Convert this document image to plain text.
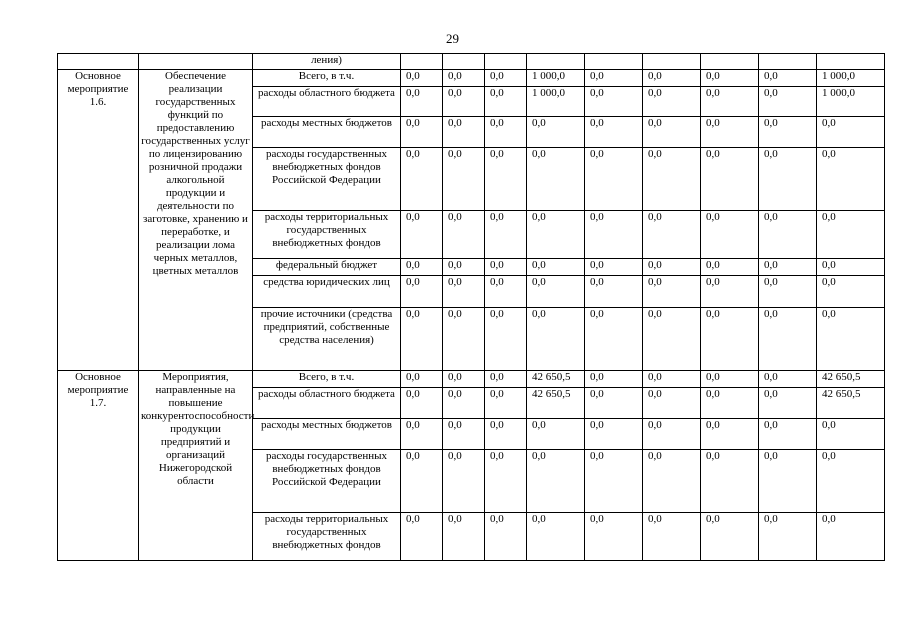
29
		ления)									
Основное мероприятие 1.6.	Обеспечение реализации государственных функций по предоставлению государственных услуг по лицензированию розничной продажи алкогольной продукции и деятельности по заготовке, хранению и переработке, и реализации лома черных металлов, цветных металлов	Всего, в т.ч.	0,0	0,0	0,0	1 000,0	0,0	0,0	0,0	0,0	1 000,0
		расходы областного бюджета	0,0	0,0	0,0	1 000,0	0,0	0,0	0,0	0,0	1 000,0
		расходы местных бюджетов	0,0	0,0	0,0	0,0	0,0	0,0	0,0	0,0	0,0
		расходы государственных внебюджетных фондов Российской Федерации	0,0	0,0	0,0	0,0	0,0	0,0	0,0	0,0	0,0
		расходы территориальных государственных внебюджетных фондов	0,0	0,0	0,0	0,0	0,0	0,0	0,0	0,0	0,0
		федеральный бюджет	0,0	0,0	0,0	0,0	0,0	0,0	0,0	0,0	0,0
		средства юридических лиц	0,0	0,0	0,0	0,0	0,0	0,0	0,0	0,0	0,0
		прочие источники (средства предприятий, собственные средства населения)	0,0	0,0	0,0	0,0	0,0	0,0	0,0	0,0	0,0
Основное мероприятие 1.7.	Мероприятия, направленные на повышение конкурентоспособности продукции предприятий и организаций Нижегородской области	Всего, в т.ч.	0,0	0,0	0,0	42 650,5	0,0	0,0	0,0	0,0	42 650,5
		расходы областного бюджета	0,0	0,0	0,0	42 650,5	0,0	0,0	0,0	0,0	42 650,5
		расходы местных бюджетов	0,0	0,0	0,0	0,0	0,0	0,0	0,0	0,0	0,0
		расходы государственных внебюджетных фондов Российской Федерации	0,0	0,0	0,0	0,0	0,0	0,0	0,0	0,0	0,0
		расходы территориальных государственных внебюджетных фондов	0,0	0,0	0,0	0,0	0,0	0,0	0,0	0,0	0,0
